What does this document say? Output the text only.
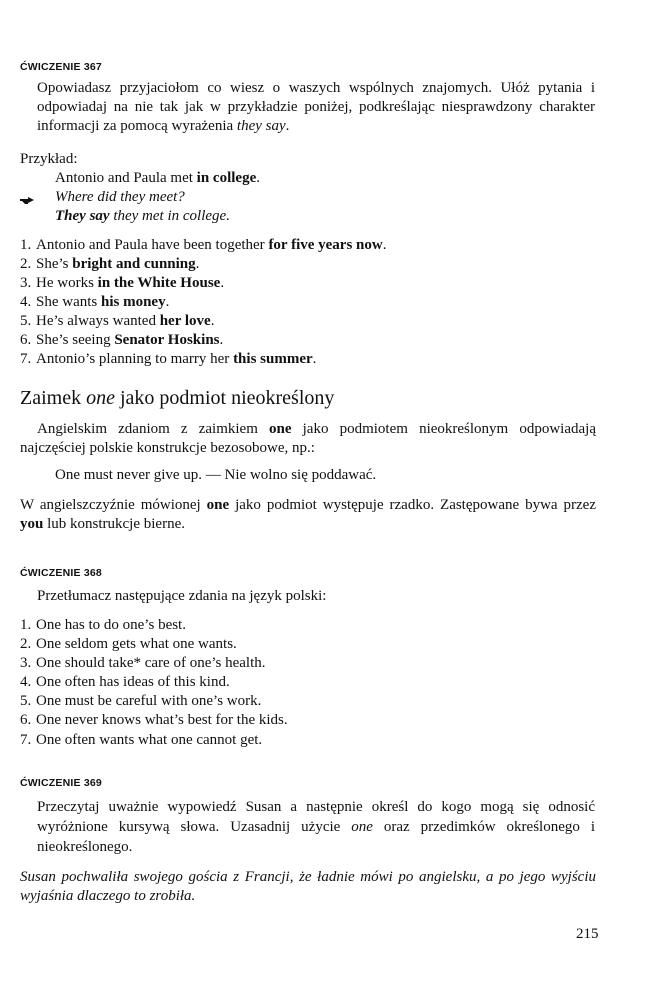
ĆWICZENIE 367
Opowiadasz przyjaciołom co wiesz o waszych wspólnych znajomych. Ułóż pytania i odpowiadaj na nie tak jak w przykładzie poniżej, podkreślając niesprawdzony charakter informacji za pomocą wyrażenia they say.
Przykład:
Antonio and Paula met in college.
Where did they meet?
They say they met in college.
1. Antonio and Paula have been together for five years now.
2. She’s bright and cunning.
3. He works in the White House.
4. She wants his money.
5. He’s always wanted her love.
6. She’s seeing Senator Hoskins.
7. Antonio’s planning to marry her this summer.
Zaimek one jako podmiot nieokreślony
Angielskim zdaniom z zaimkiem one jako podmiotem nieokreślonym odpowiadają najczęściej polskie konstrukcje bezosobowe, np.:
One must never give up. — Nie wolno się poddawać.
W angielszczyźnie mówionej one jako podmiot występuje rzadko. Zastępowane bywa przez you lub konstrukcje bierne.
ĆWICZENIE 368
Przetłumacz następujące zdania na język polski:
1. One has to do one’s best.
2. One seldom gets what one wants.
3. One should take* care of one’s health.
4. One often has ideas of this kind.
5. One must be careful with one’s work.
6. One never knows what’s best for the kids.
7. One often wants what one cannot get.
ĆWICZENIE 369
Przeczytaj uważnie wypowiedź Susan a następnie określ do kogo mogą się odnosić wyróżnione kursywą słowa. Uzasadnij użycie one oraz przedimków określonego i nieokreślonego.
Susan pochwaliła swojego gościa z Francji, że ładnie mówi po angielsku, a po jego wyjściu wyjaśnia dlaczego to zrobiła.
215
